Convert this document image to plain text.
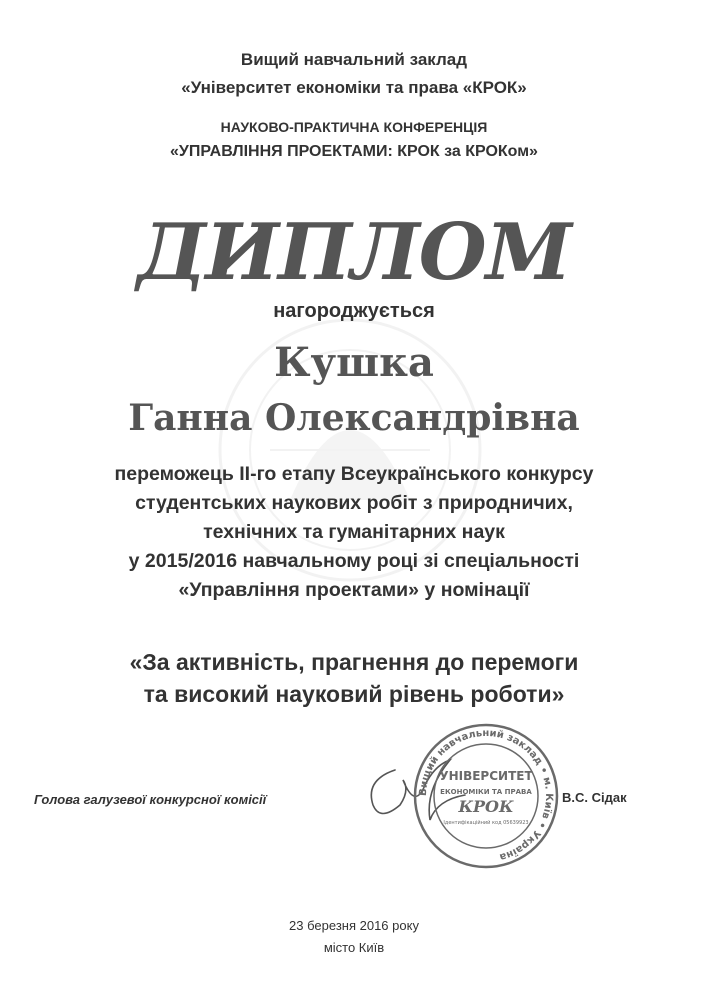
Вищий навчальний заклад
«Університет економіки та права «КРОК»
НАУКОВО-ПРАКТИЧНА КОНФЕРЕНЦІЯ
«УПРАВЛІННЯ ПРОЕКТАМИ: КРОК за КРОКом»
ДИПЛОМ
нагороджується
Кушка
Ганна Олександрівна
переможець II-го етапу Всеукраїнського конкурсу
студентських наукових робіт з природничих,
технічних та гуманітарних наук
у 2015/2016 навчальному році зі спеціальності
«Управління проектами» у номінації
«За активність, прагнення до перемоги
та високий науковий рівень роботи»
Голова галузевої конкурсної комісії	Вищий навчальний заклад • м. Київ • Україна
УНІВЕРСИТЕТ
ЕКОНОМІКИ ТА ПРАВА
КРОК
Ідентифікаційний код 05639923
В.С. Сідак
23 березня 2016 року
місто Київ
